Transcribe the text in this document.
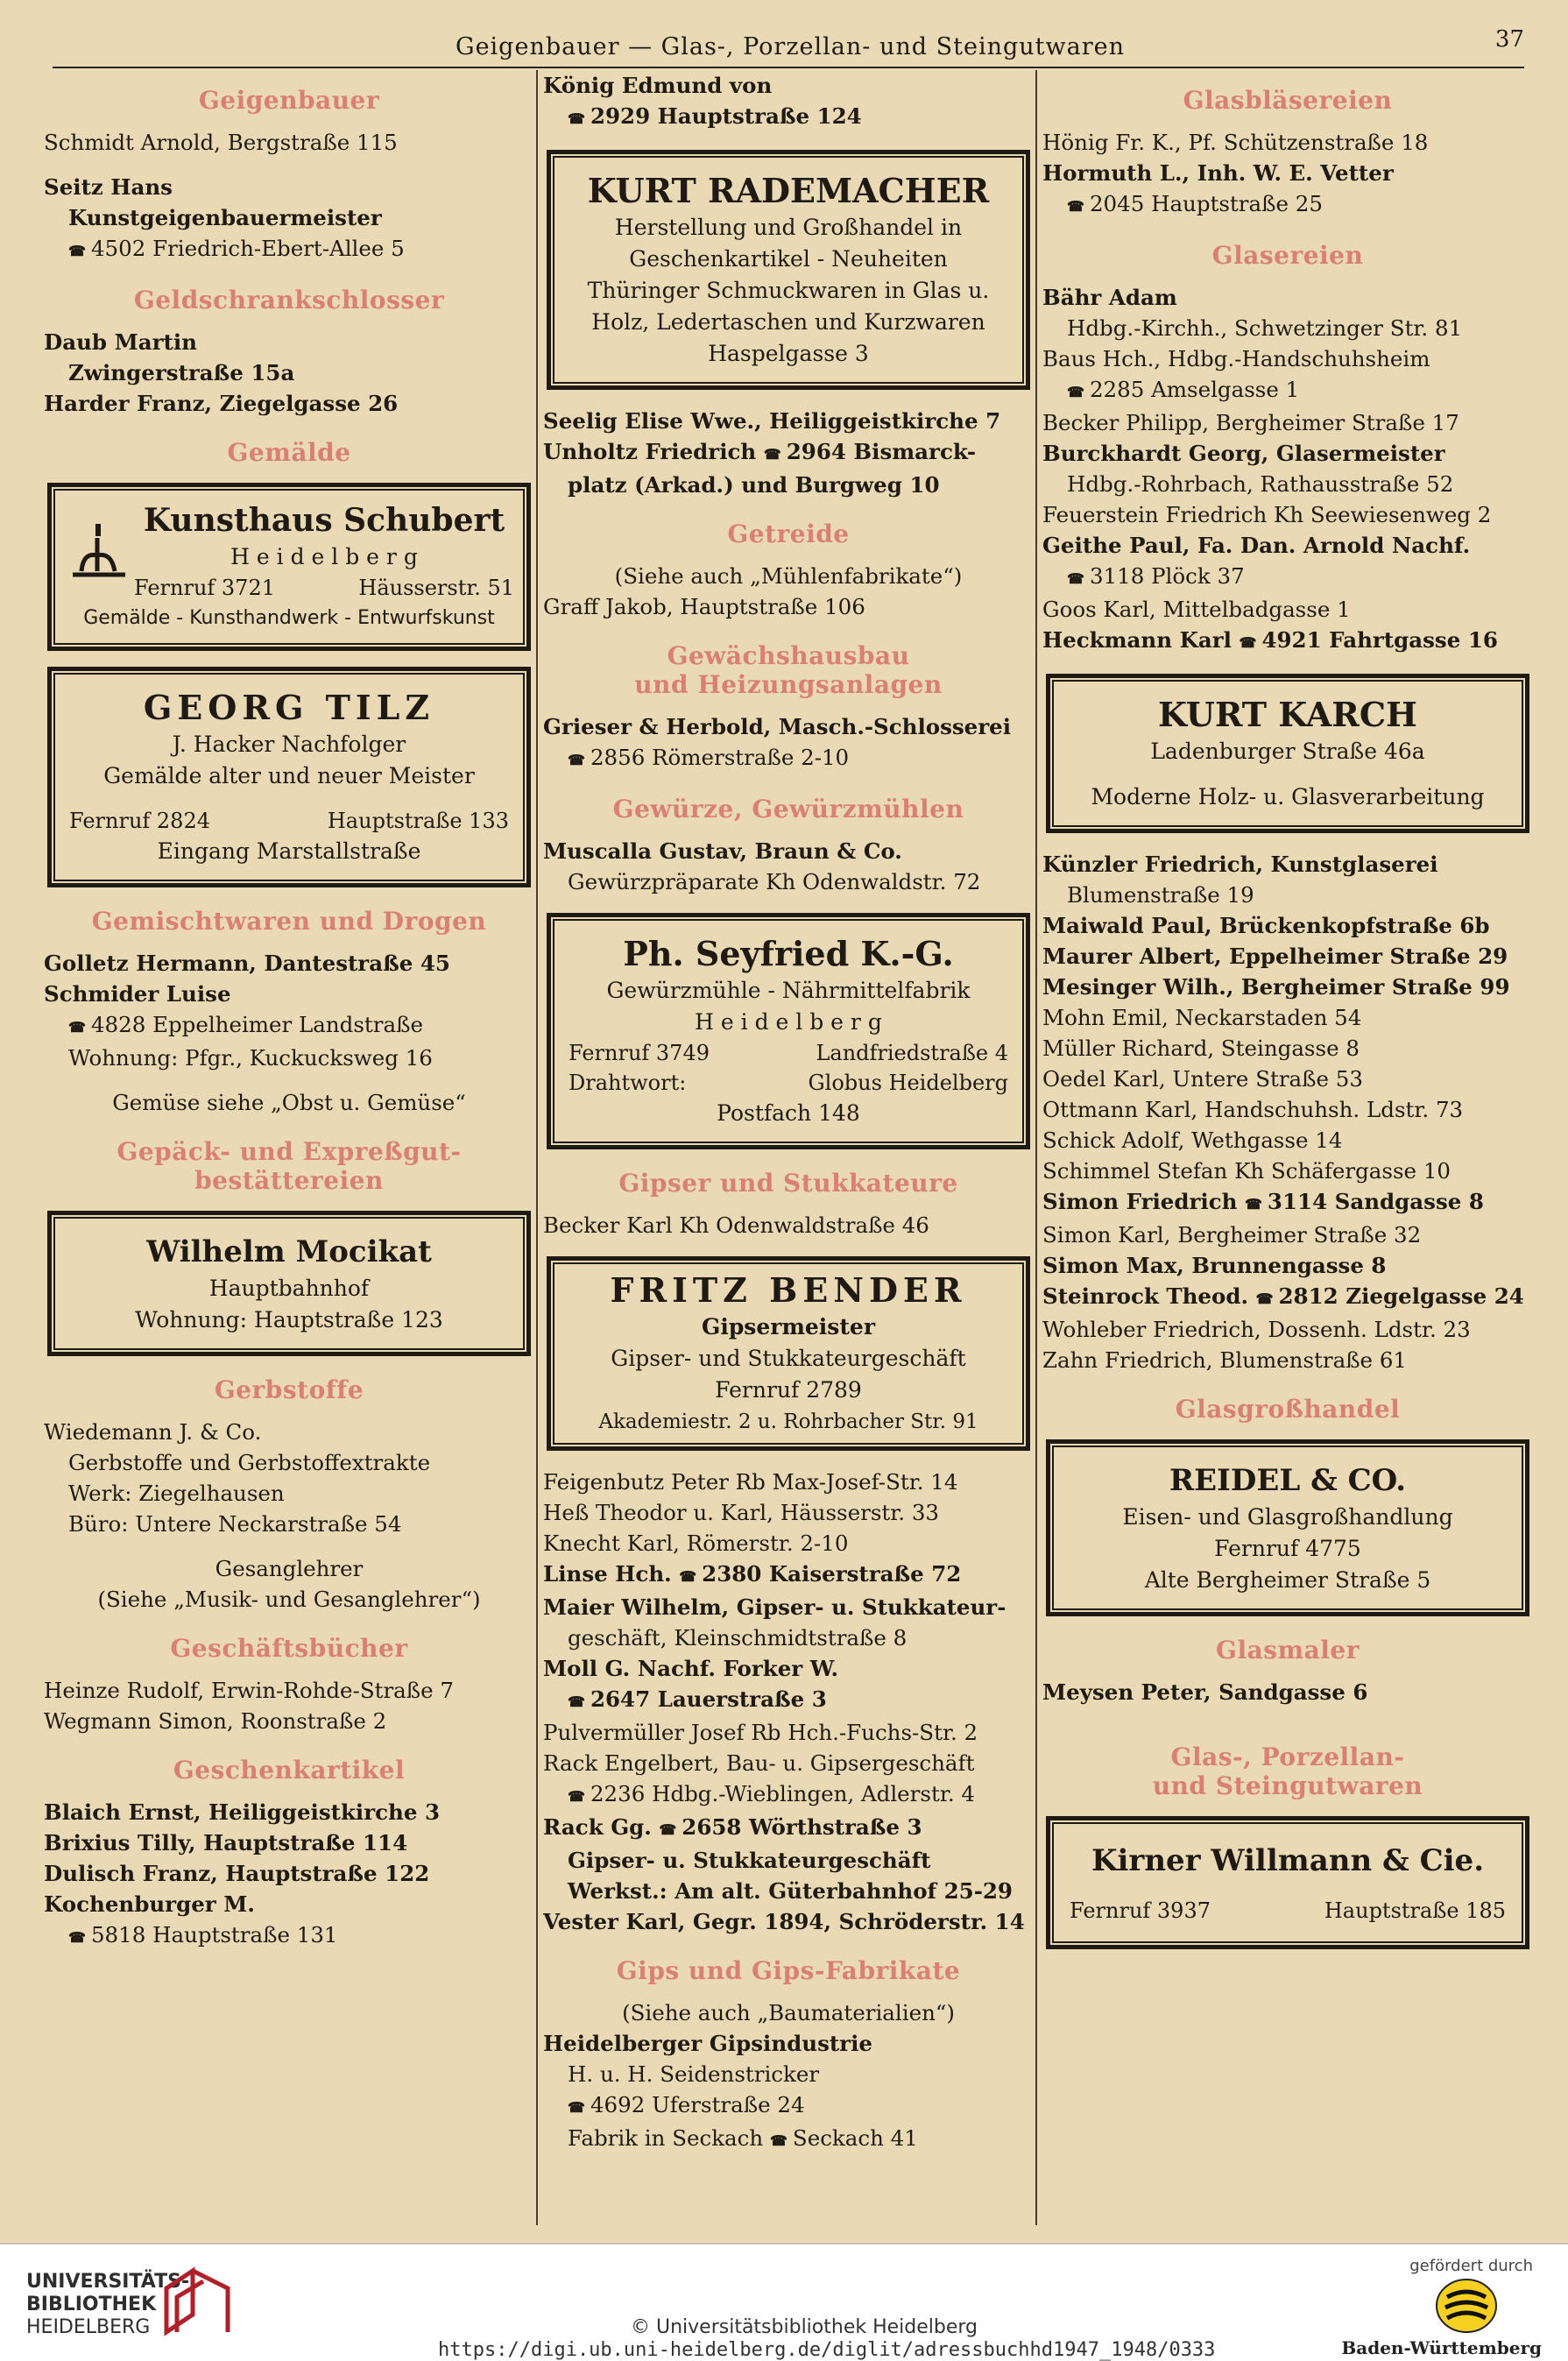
Geigenbauer — Glas-, Porzellan- und Steingutwaren	37
Geigenbauer
Schmidt Arnold, Bergstraße 115
Seitz Hans
Kunstgeigenbauermeister
☎ 4502 Friedrich-Ebert-Allee 5
Geldschrankschlosser
Daub Martin
Zwingerstraße 15a
Harder Franz, Ziegelgasse 26
Gemälde
Kunsthaus Schubert
H e i d e l b e r g
Fernruf 3721	Häusserstr. 51
Gemälde - Kunsthandwerk - Entwurfskunst
GEORG TILZ
J. Hacker Nachfolger
Gemälde alter und neuer Meister
Fernruf 2824	Hauptstraße 133
Eingang Marstallstraße
Gemischtwaren und Drogen
Golletz Hermann, Dantestraße 45
Schmider Luise
☎ 4828 Eppelheimer Landstraße
Wohnung: Pfgr., Kuckucksweg 16
Gemüse siehe „Obst u. Gemüse“
Gepäck- und Expreßgut-
bestättereien
Wilhelm Mocikat
Hauptbahnhof
Wohnung: Hauptstraße 123
Gerbstoffe
Wiedemann J. & Co.
Gerbstoffe und Gerbstoffextrakte
Werk: Ziegelhausen
Büro: Untere Neckarstraße 54
Gesanglehrer
(Siehe „Musik- und Gesanglehrer“)
Geschäftsbücher
Heinze Rudolf, Erwin-Rohde-Straße 7
Wegmann Simon, Roonstraße 2
Geschenkartikel
Blaich Ernst, Heiliggeistkirche 3
Brixius Tilly, Hauptstraße 114
Dulisch Franz, Hauptstraße 122
Kochenburger M.
☎ 5818 Hauptstraße 131
König Edmund von
☎ 2929 Hauptstraße 124
KURT RADEMACHER
Herstellung und Großhandel in
Geschenkartikel - Neuheiten
Thüringer Schmuckwaren in Glas u.
Holz, Ledertaschen und Kurzwaren
Haspelgasse 3
Seelig Elise Wwe., Heiliggeistkirche 7
Unholtz Friedrich ☎ 2964 Bismarck-
platz (Arkad.) und Burgweg 10
Getreide
(Siehe auch „Mühlenfabrikate“)
Graff Jakob, Hauptstraße 106
Gewächshausbau
und Heizungsanlagen
Grieser & Herbold, Masch.-Schlosserei
☎ 2856 Römerstraße 2-10
Gewürze, Gewürzmühlen
Muscalla Gustav, Braun & Co.
Gewürzpräparate Kh Odenwaldstr. 72
Ph. Seyfried K.-G.
Gewürzmühle - Nährmittelfabrik
H e i d e l b e r g
Fernruf 3749	Landfriedstraße 4
Drahtwort:	Globus Heidelberg
Postfach 148
Gipser und Stukkateure
Becker Karl Kh Odenwaldstraße 46
FRITZ BENDER
Gipsermeister
Gipser- und Stukkateurgeschäft
Fernruf 2789
Akademiestr. 2 u. Rohrbacher Str. 91
Feigenbutz Peter Rb Max-Josef-Str. 14
Heß Theodor u. Karl, Häusserstr. 33
Knecht Karl, Römerstr. 2-10
Linse Hch. ☎ 2380 Kaiserstraße 72
Maier Wilhelm, Gipser- u. Stukkateur-
geschäft, Kleinschmidtstraße 8
Moll G. Nachf. Forker W.
☎ 2647 Lauerstraße 3
Pulvermüller Josef Rb Hch.-Fuchs-Str. 2
Rack Engelbert, Bau- u. Gipsergeschäft
☎ 2236 Hdbg.-Wieblingen, Adlerstr. 4
Rack Gg. ☎ 2658 Wörthstraße 3
Gipser- u. Stukkateurgeschäft
Werkst.: Am alt. Güterbahnhof 25-29
Vester Karl, Gegr. 1894, Schröderstr. 14
Gips und Gips-Fabrikate
(Siehe auch „Baumaterialien“)
Heidelberger Gipsindustrie
H. u. H. Seidenstricker
☎ 4692 Uferstraße 24
Fabrik in Seckach ☎ Seckach 41
Glasbläsereien
Hönig Fr. K., Pf. Schützenstraße 18
Hormuth L., Inh. W. E. Vetter
☎ 2045 Hauptstraße 25
Glasereien
Bähr Adam
Hdbg.-Kirchh., Schwetzinger Str. 81
Baus Hch., Hdbg.-Handschuhsheim
☎ 2285 Amselgasse 1
Becker Philipp, Bergheimer Straße 17
Burckhardt Georg, Glasermeister
Hdbg.-Rohrbach, Rathausstraße 52
Feuerstein Friedrich Kh Seewiesenweg 2
Geithe Paul, Fa. Dan. Arnold Nachf.
☎ 3118 Plöck 37
Goos Karl, Mittelbadgasse 1
Heckmann Karl ☎ 4921 Fahrtgasse 16
KURT KARCH
Ladenburger Straße 46a
Moderne Holz- u. Glasverarbeitung
Künzler Friedrich, Kunstglaserei
Blumenstraße 19
Maiwald Paul, Brückenkopfstraße 6b
Maurer Albert, Eppelheimer Straße 29
Mesinger Wilh., Bergheimer Straße 99
Mohn Emil, Neckarstaden 54
Müller Richard, Steingasse 8
Oedel Karl, Untere Straße 53
Ottmann Karl, Handschuhsh. Ldstr. 73
Schick Adolf, Wethgasse 14
Schimmel Stefan Kh Schäfergasse 10
Simon Friedrich ☎ 3114 Sandgasse 8
Simon Karl, Bergheimer Straße 32
Simon Max, Brunnengasse 8
Steinrock Theod. ☎ 2812 Ziegelgasse 24
Wohleber Friedrich, Dossenh. Ldstr. 23
Zahn Friedrich, Blumenstraße 61
Glasgroßhandel
REIDEL & CO.
Eisen- und Glasgroßhandlung
Fernruf 4775
Alte Bergheimer Straße 5
Glasmaler
Meysen Peter, Sandgasse 6
Glas-, Porzellan-
und Steingutwaren
Kirner Willmann & Cie.
Fernruf 3937	Hauptstraße 185
UNIVERSITÄTS-
BIBLIOTHEK
HEIDELBERG	© Universitätsbibliothek Heidelberg
https://digi.ub.uni-heidelberg.de/diglit/adressbuchhd1947_1948/0333
gefördert durch
Baden-Württemberg
